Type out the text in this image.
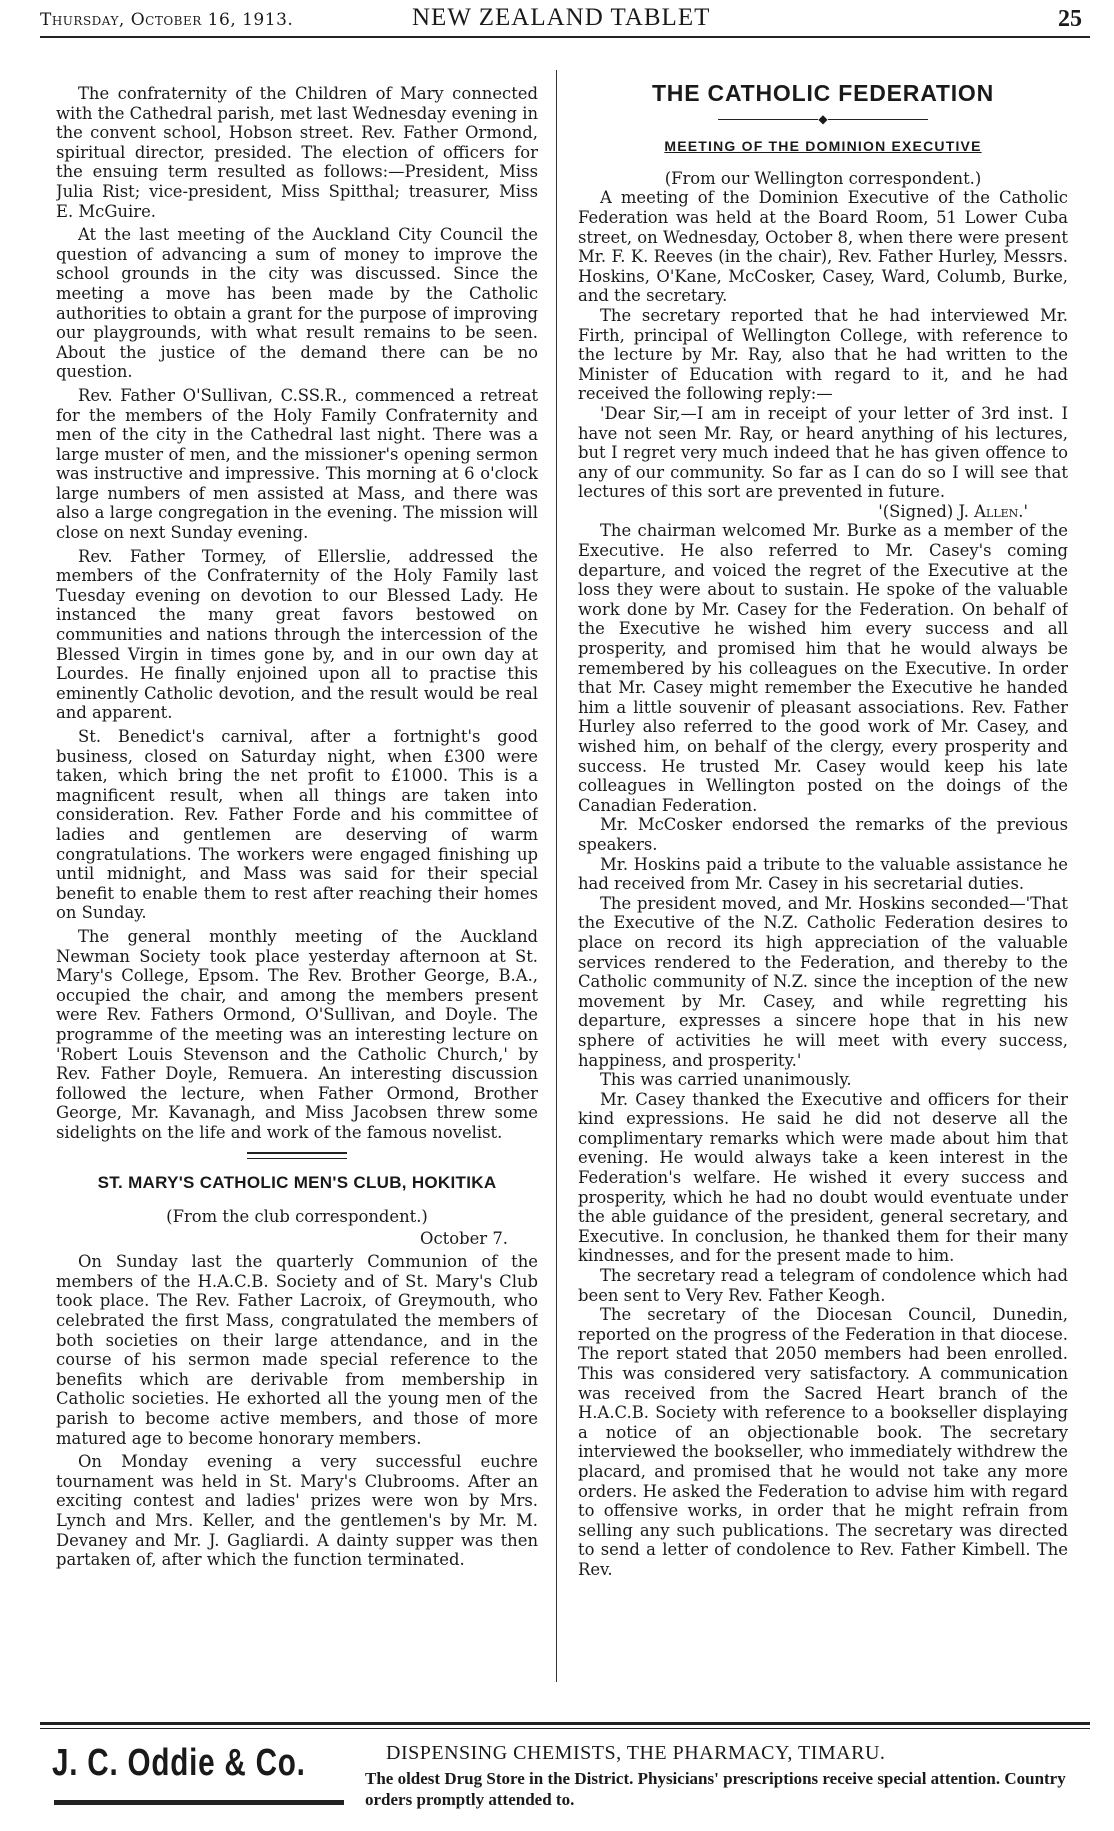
Thursday, October 16, 1913.	NEW ZEALAND TABLET	25

The confraternity of the Children of Mary connected with the Cathedral parish, met last Wednesday evening in the convent school, Hobson street. Rev. Father Ormond, spiritual director, presided. The election of officers for the ensuing term resulted as follows:—President, Miss Julia Rist; vice-president, Miss Spitthal; treasurer, Miss E. McGuire.

At the last meeting of the Auckland City Council the question of advancing a sum of money to improve the school grounds in the city was discussed. Since the meeting a move has been made by the Catholic authorities to obtain a grant for the purpose of improving our playgrounds, with what result remains to be seen. About the justice of the demand there can be no question.

Rev. Father O'Sullivan, C.SS.R., commenced a retreat for the members of the Holy Family Confraternity and men of the city in the Cathedral last night. There was a large muster of men, and the missioner's opening sermon was instructive and impressive. This morning at 6 o'clock large numbers of men assisted at Mass, and there was also a large congregation in the evening. The mission will close on next Sunday evening.

Rev. Father Tormey, of Ellerslie, addressed the members of the Confraternity of the Holy Family last Tuesday evening on devotion to our Blessed Lady. He instanced the many great favors bestowed on communities and nations through the intercession of the Blessed Virgin in times gone by, and in our own day at Lourdes. He finally enjoined upon all to practise this eminently Catholic devotion, and the result would be real and apparent.

St. Benedict's carnival, after a fortnight's good business, closed on Saturday night, when £300 were taken, which bring the net profit to £1000. This is a magnificent result, when all things are taken into consideration. Rev. Father Forde and his committee of ladies and gentlemen are deserving of warm congratulations. The workers were engaged finishing up until midnight, and Mass was said for their special benefit to enable them to rest after reaching their homes on Sunday.

The general monthly meeting of the Auckland Newman Society took place yesterday afternoon at St. Mary's College, Epsom. The Rev. Brother George, B.A., occupied the chair, and among the members present were Rev. Fathers Ormond, O'Sullivan, and Doyle. The programme of the meeting was an interesting lecture on 'Robert Louis Stevenson and the Catholic Church,' by Rev. Father Doyle, Remuera. An interesting discussion followed the lecture, when Father Ormond, Brother George, Mr. Kavanagh, and Miss Jacobsen threw some sidelights on the life and work of the famous novelist.

ST. MARY'S CATHOLIC MEN'S CLUB, HOKITIKA

(From the club correspondent.)

October 7.

On Sunday last the quarterly Communion of the members of the H.A.C.B. Society and of St. Mary's Club took place. The Rev. Father Lacroix, of Greymouth, who celebrated the first Mass, congratulated the members of both societies on their large attendance, and in the course of his sermon made special reference to the benefits which are derivable from membership in Catholic societies. He exhorted all the young men of the parish to become active members, and those of more matured age to become honorary members.

On Monday evening a very successful euchre tournament was held in St. Mary's Clubrooms. After an exciting contest and ladies' prizes were won by Mrs. Lynch and Mrs. Keller, and the gentlemen's by Mr. M. Devaney and Mr. J. Gagliardi. A dainty supper was then partaken of, after which the function terminated.

THE CATHOLIC FEDERATION
◆
MEETING OF THE DOMINION EXECUTIVE

(From our Wellington correspondent.)

A meeting of the Dominion Executive of the Catholic Federation was held at the Board Room, 51 Lower Cuba street, on Wednesday, October 8, when there were present Mr. F. K. Reeves (in the chair), Rev. Father Hurley, Messrs. Hoskins, O'Kane, McCosker, Casey, Ward, Columb, Burke, and the secretary.

The secretary reported that he had interviewed Mr. Firth, principal of Wellington College, with reference to the lecture by Mr. Ray, also that he had written to the Minister of Education with regard to it, and he had received the following reply:—

'Dear Sir,—I am in receipt of your letter of 3rd inst. I have not seen Mr. Ray, or heard anything of his lectures, but I regret very much indeed that he has given offence to any of our community. So far as I can do so I will see that lectures of this sort are prevented in future.

'(Signed) J. Allen.'

The chairman welcomed Mr. Burke as a member of the Executive. He also referred to Mr. Casey's coming departure, and voiced the regret of the Executive at the loss they were about to sustain. He spoke of the valuable work done by Mr. Casey for the Federation. On behalf of the Executive he wished him every success and all prosperity, and promised him that he would always be remembered by his colleagues on the Executive. In order that Mr. Casey might remember the Executive he handed him a little souvenir of pleasant associations. Rev. Father Hurley also referred to the good work of Mr. Casey, and wished him, on behalf of the clergy, every prosperity and success. He trusted Mr. Casey would keep his late colleagues in Wellington posted on the doings of the Canadian Federation.

Mr. McCosker endorsed the remarks of the previous speakers.

Mr. Hoskins paid a tribute to the valuable assistance he had received from Mr. Casey in his secretarial duties.

The president moved, and Mr. Hoskins seconded—'That the Executive of the N.Z. Catholic Federation desires to place on record its high appreciation of the valuable services rendered to the Federation, and thereby to the Catholic community of N.Z. since the inception of the new movement by Mr. Casey, and while regretting his departure, expresses a sincere hope that in his new sphere of activities he will meet with every success, happiness, and prosperity.'

This was carried unanimously.

Mr. Casey thanked the Executive and officers for their kind expressions. He said he did not deserve all the complimentary remarks which were made about him that evening. He would always take a keen interest in the Federation's welfare. He wished it every success and prosperity, which he had no doubt would eventuate under the able guidance of the president, general secretary, and Executive. In conclusion, he thanked them for their many kindnesses, and for the present made to him.

The secretary read a telegram of condolence which had been sent to Very Rev. Father Keogh.

The secretary of the Diocesan Council, Dunedin, reported on the progress of the Federation in that diocese. The report stated that 2050 members had been enrolled. This was considered very satisfactory. A communication was received from the Sacred Heart branch of the H.A.C.B. Society with reference to a bookseller displaying a notice of an objectionable book. The secretary interviewed the bookseller, who immediately withdrew the placard, and promised that he would not take any more orders. He asked the Federation to advise him with regard to offensive works, in order that he might refrain from selling any such publications. The secretary was directed to send a letter of condolence to Rev. Father Kimbell. The Rev.

J. C. Oddie & Co.	DISPENSING CHEMISTS, THE PHARMACY, TIMARU.
The oldest Drug Store in the District. Physicians' prescriptions receive special attention. Country orders promptly attended to.
